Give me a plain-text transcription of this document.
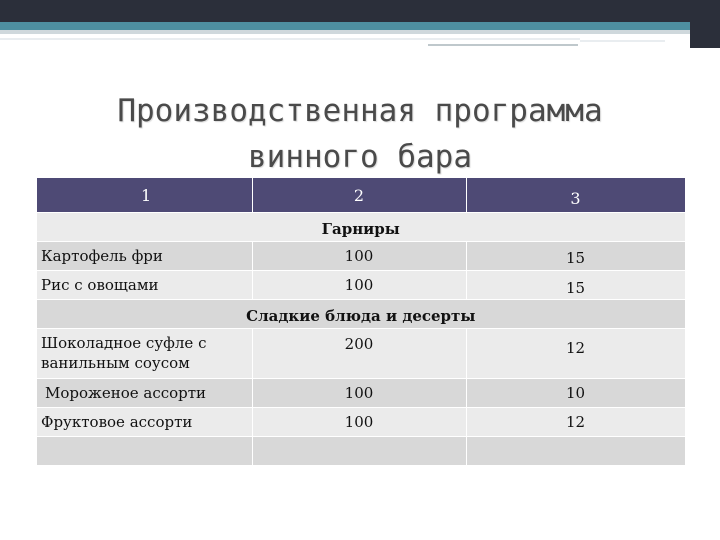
Производственная программа
винного бара
1	2	3
Гарниры		
Картофель фри	100	15
Рис с овощами	100	15
Сладкие блюда и десерты		
Шоколадное суфле с ванильным соусом	200	12
Мороженое ассорти	100	10
Фруктовое ассорти	100	12
